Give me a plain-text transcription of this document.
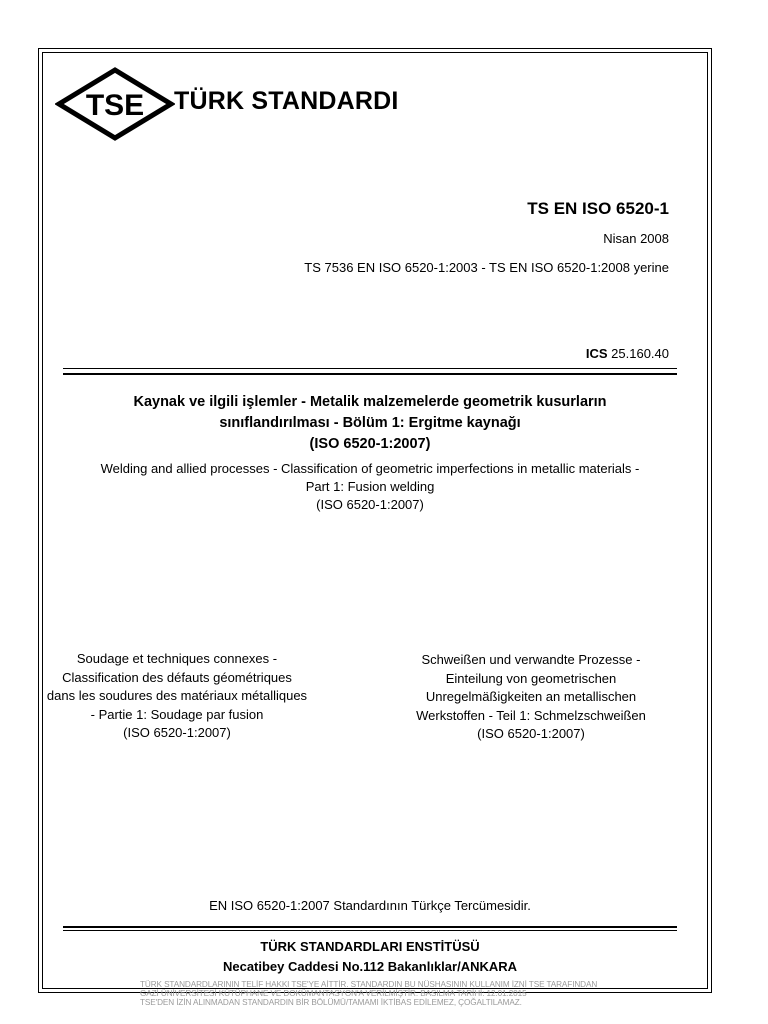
TSE TÜRK STANDARDI
TS EN ISO 6520-1
Nisan 2008
TS 7536 EN ISO 6520-1:2003 - TS EN ISO 6520-1:2008 yerine
ICS 25.160.40
Kaynak ve ilgili işlemler - Metalik malzemelerde geometrik kusurların
sınıflandırılması - Bölüm 1: Ergitme kaynağı
(ISO 6520-1:2007)
Welding and allied processes - Classification of geometric imperfections in metallic materials -
Part 1: Fusion welding
(ISO 6520-1:2007)
Soudage et techniques connexes -
Classification des défauts géométriques
dans les soudures des matériaux métalliques
- Partie 1: Soudage par fusion
(ISO 6520-1:2007)
Schweißen und verwandte Prozesse -
Einteilung von geometrischen
Unregelmäßigkeiten an metallischen
Werkstoffen - Teil 1: Schmelzschweißen
(ISO 6520-1:2007)
EN ISO 6520-1:2007 Standardının Türkçe Tercümesidir.
TÜRK STANDARDLARI ENSTİTÜSÜ
Necatibey Caddesi No.112 Bakanlıklar/ANKARA
TÜRK STANDARDLARININ TELİF HAKKI TSE'YE AİTTİR. STANDARDIN BU NÜSHASININ KULLANIM İZNİ TSE TARAFINDAN
GAZİ ÜNİVERSİTESİ KÜTÜPHANE VE DOKÜMANTASYON'A VERİLMİŞTİR. BASILMA TARİHİ: 12.01.2015
TSE'DEN İZİN ALINMADAN STANDARDIN BİR BÖLÜMÜ/TAMAMI İKTİBAS EDİLEMEZ, ÇOĞALTILAMAZ.
